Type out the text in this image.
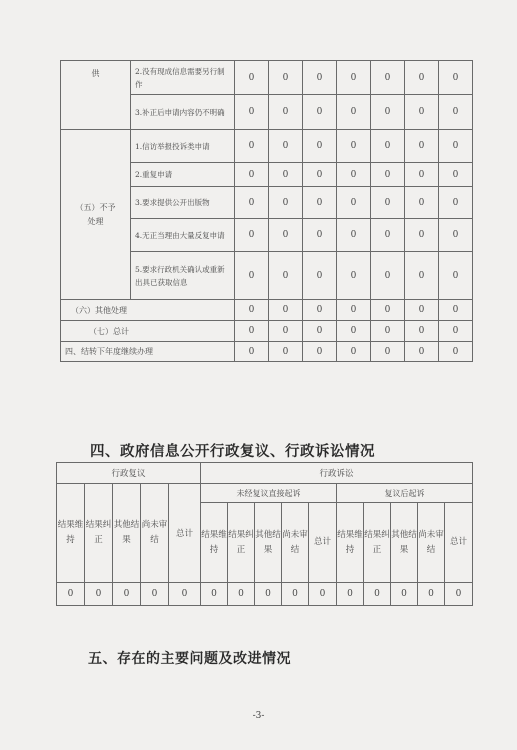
供	2.没有现成信息需要另行制作	0	0	0	0	0	0	0
	3.补正后申请内容仍不明确	0	0	0	0	0	0	0
（五）不予处理	1.信访举报投诉类申请	0	0	0	0	0	0	0
	2.重复申请	0	0	0	0	0	0	0
	3.要求提供公开出版物	0	0	0	0	0	0	0
	4.无正当理由大量反复申请	0	0	0	0	0	0	0
	5.要求行政机关确认或重新出具已获取信息	0	0	0	0	0	0	0
（六）其他处理		0	0	0	0	0	0	0
（七）总计		0	0	0	0	0	0	0
四、结转下年度继续办理		0	0	0	0	0	0	0
四、政府信息公开行政复议、行政诉讼情况
行政复议					行政诉讼									
结果维持	结果纠正	其他结果	尚未审结	总计	未经复议直接起诉					复议后起诉				
					结果维持	结果纠正	其他结果	尚未审结	总计	结果维持	结果纠正	其他结果	尚未审结	总计
0	0	0	0	0	0	0	0	0	0	0	0	0	0	0
五、存在的主要问题及改进情况

-3-
